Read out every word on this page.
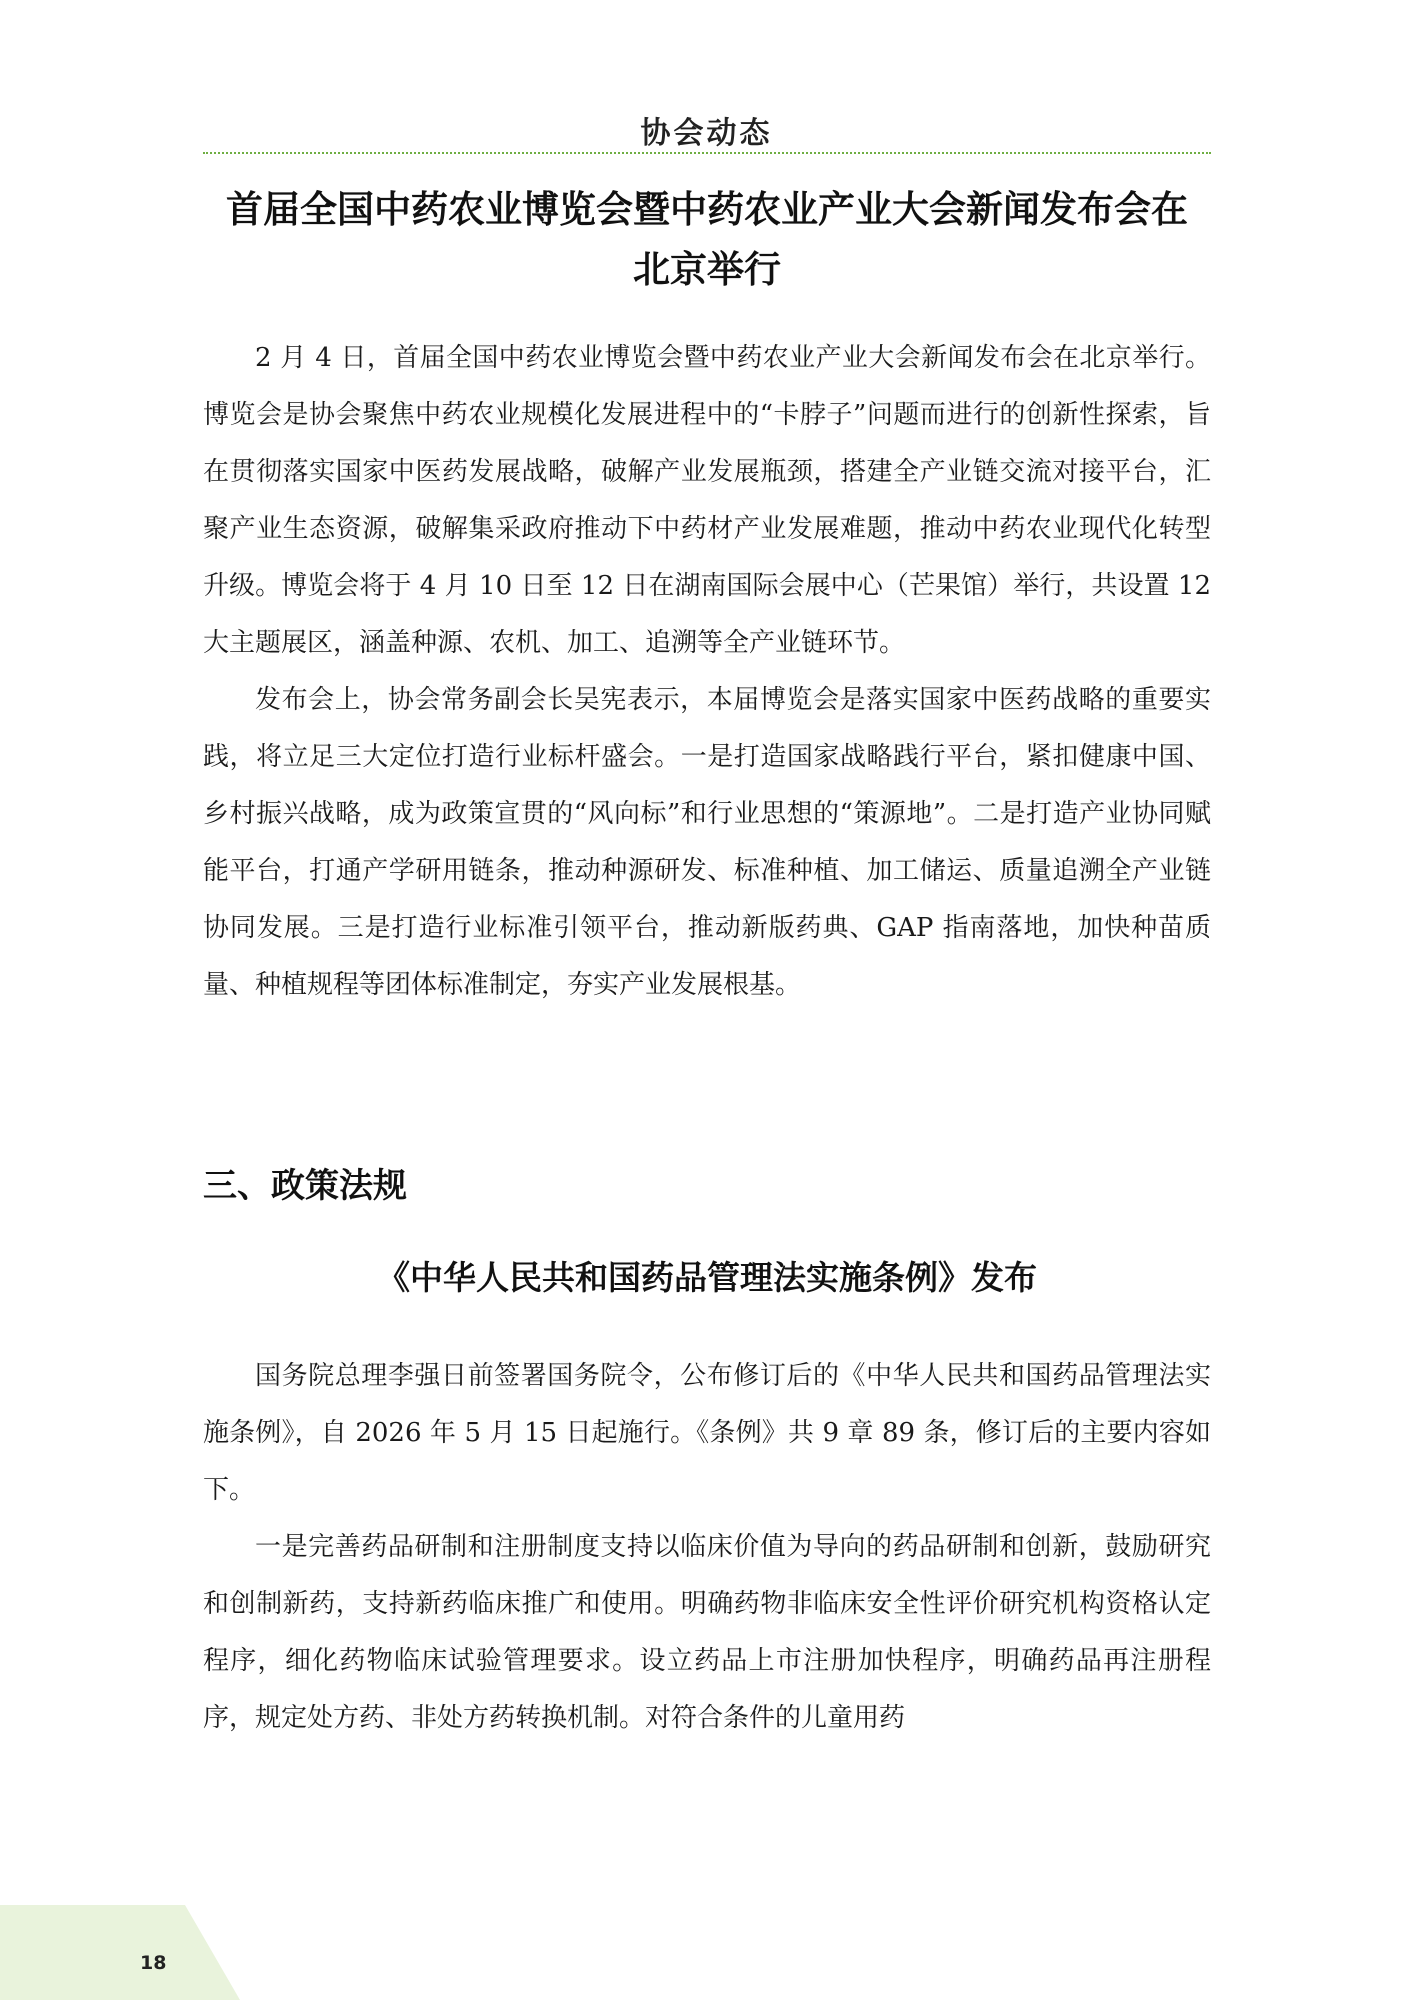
协会动态
首届全国中药农业博览会暨中药农业产业大会新闻发布会在
北京举行

2 月 4 日，首届全国中药农业博览会暨中药农业产业大会新闻发布会在北京举行。博览会是协会聚焦中药农业规模化发展进程中的“卡脖子”问题而进行的创新性探索，旨在贯彻落实国家中医药发展战略，破解产业发展瓶颈，搭建全产业链交流对接平台，汇聚产业生态资源，破解集采政府推动下中药材产业发展难题，推动中药农业现代化转型升级。博览会将于 4 月 10 日至 12 日在湖南国际会展中心（芒果馆）举行，共设置 12 大主题展区，涵盖种源、农机、加工、追溯等全产业链环节。

发布会上，协会常务副会长吴宪表示，本届博览会是落实国家中医药战略的重要实践，将立足三大定位打造行业标杆盛会。一是打造国家战略践行平台，紧扣健康中国、乡村振兴战略，成为政策宣贯的“风向标”和行业思想的“策源地”。二是打造产业协同赋能平台，打通产学研用链条，推动种源研发、标准种植、加工储运、质量追溯全产业链协同发展。三是打造行业标准引领平台，推动新版药典、GAP 指南落地，加快种苗质量、种植规程等团体标准制定，夯实产业发展根基。

三、政策法规
《中华人民共和国药品管理法实施条例》发布

国务院总理李强日前签署国务院令，公布修订后的《中华人民共和国药品管理法实施条例》，自 2026 年 5 月 15 日起施行。《条例》共 9 章 89 条，修订后的主要内容如下。

一是完善药品研制和注册制度支持以临床价值为导向的药品研制和创新，鼓励研究和创制新药，支持新药临床推广和使用。明确药物非临床安全性评价研究机构资格认定程序，细化药物临床试验管理要求。设立药品上市注册加快程序，明确药品再注册程序，规定处方药、非处方药转换机制。对符合条件的儿童用药

18
